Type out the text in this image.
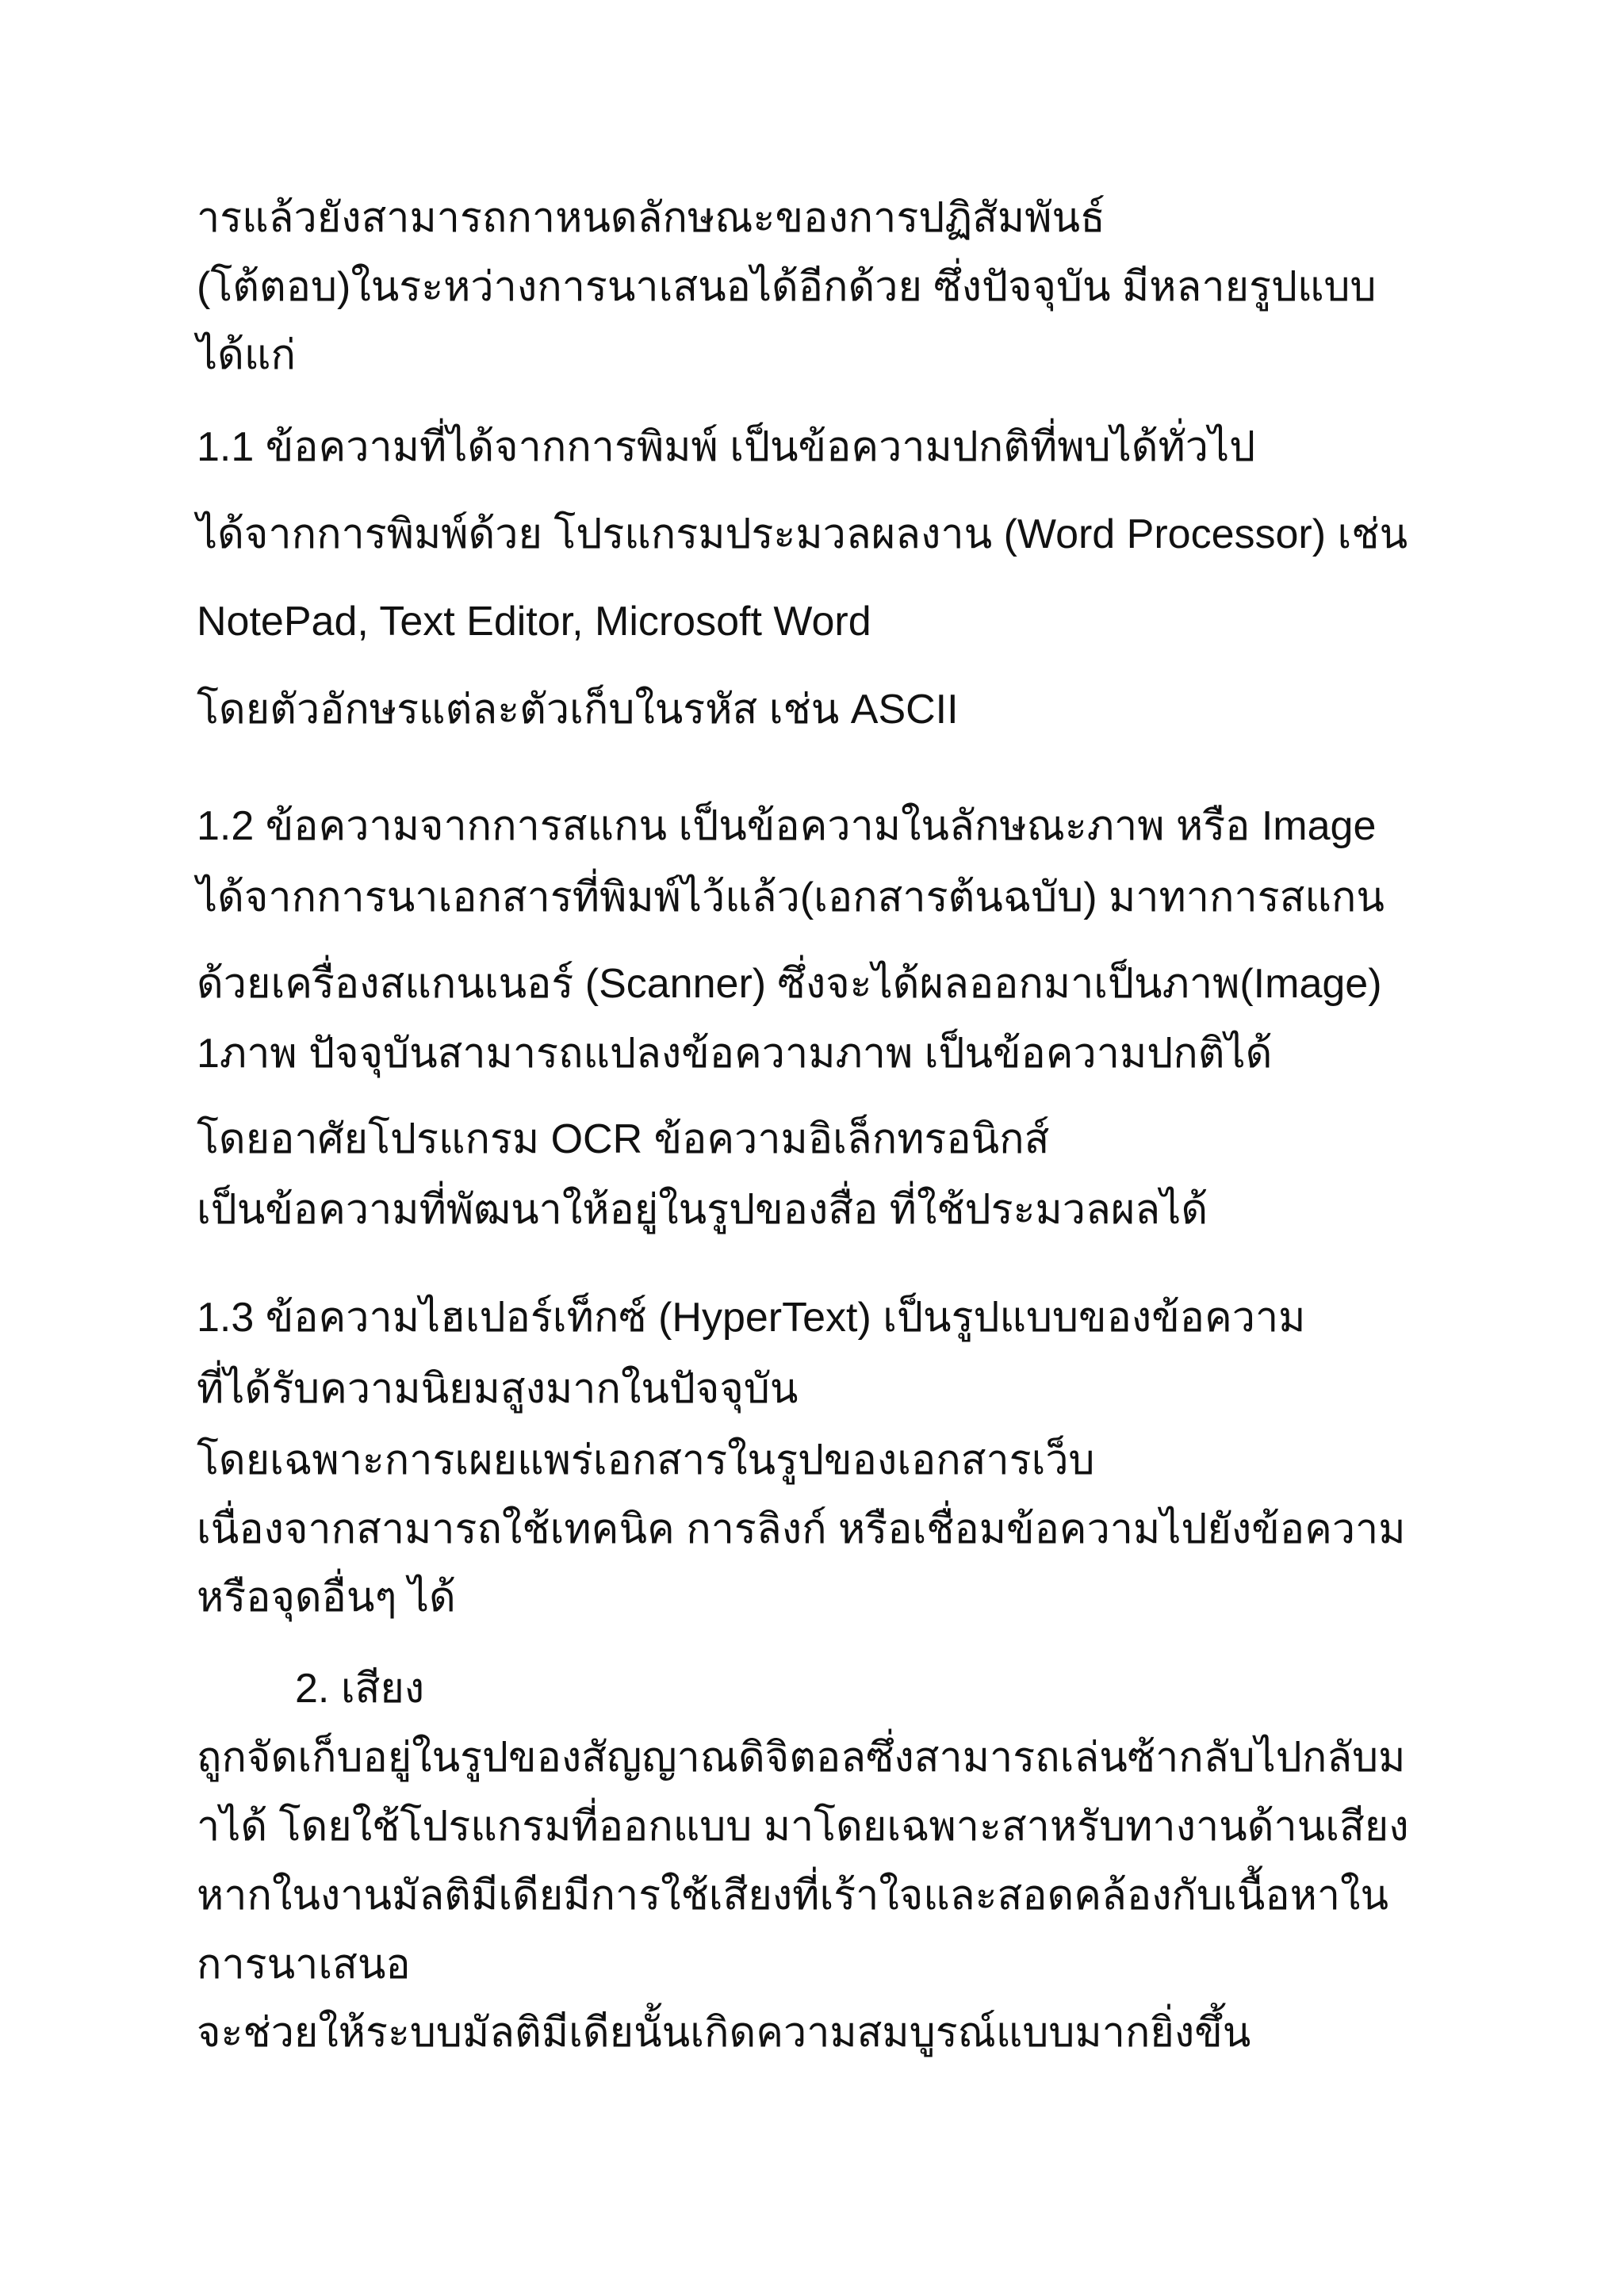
ารแล้วยังสามารถกาหนดลักษณะของการปฏิสัมพันธ์
(โต้ตอบ)ในระหว่างการนาเสนอได้อีกด้วย ซึ่งปัจจุบัน มีหลายรูปแบบ
ได้แก่
1.1 ข้อความที่ได้จากการพิมพ์ เป็นข้อความปกติที่พบได้ทั่วไป
ได้จากการพิมพ์ด้วย โปรแกรมประมวลผลงาน (Word Processor) เช่น
NotePad, Text Editor, Microsoft Word
โดยตัวอักษรแต่ละตัวเก็บในรหัส เช่น ASCII
1.2 ข้อความจากการสแกน เป็นข้อความในลักษณะภาพ หรือ Image
ได้จากการนาเอกสารที่พิมพ์ไว้แล้ว(เอกสารต้นฉบับ) มาทาการสแกน
ด้วยเครื่องสแกนเนอร์ (Scanner) ซึ่งจะได้ผลออกมาเป็นภาพ(Image)
1ภาพ ปัจจุบันสามารถแปลงข้อความภาพ เป็นข้อความปกติได้
โดยอาศัยโปรแกรม OCR ข้อความอิเล็กทรอนิกส์
เป็นข้อความที่พัฒนาให้อยู่ในรูปของสื่อ ที่ใช้ประมวลผลได้
1.3 ข้อความไฮเปอร์เท็กซ์ (HyperText) เป็นรูปแบบของข้อความ
ที่ได้รับความนิยมสูงมากในปัจจุบัน
โดยเฉพาะการเผยแพร่เอกสารในรูปของเอกสารเว็บ
เนื่องจากสามารถใช้เทคนิค การลิงก์ หรือเชื่อมข้อความไปยังข้อความ
หรือจุดอื่นๆ ได้
2. เสียง
ถูกจัดเก็บอยู่ในรูปของสัญญาณดิจิตอลซึ่งสามารถเล่นซ้ากลับไปกลับม
าได้ โดยใช้โปรแกรมที่ออกแบบ มาโดยเฉพาะสาหรับทางานด้านเสียง
หากในงานมัลติมีเดียมีการใช้เสียงที่เร้าใจและสอดคล้องกับเนื้อหาใน
การนาเสนอ
จะช่วยให้ระบบมัลติมีเดียนั้นเกิดความสมบูรณ์แบบมากยิ่งขึ้น
